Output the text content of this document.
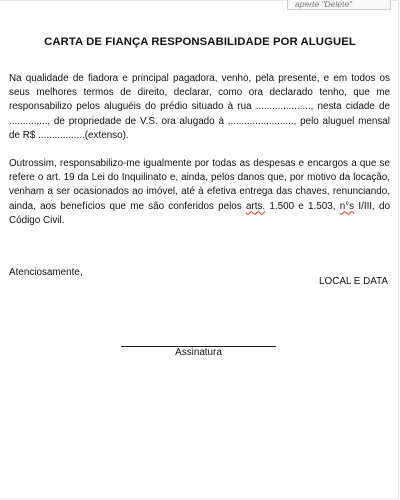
aperte "Delete"
CARTA DE FIANÇA RESPONSABILIDADE POR ALUGUEL

Na qualidade de fiadora e principal pagadora, venho, pela presente, e em todos os seus melhores termos de direito, declarar, como ora declarado tenho, que me responsabilizo pelos aluguéis do prédio situado à rua ...................., nesta cidade de .............., de propriedade de V.S. ora alugado à ........................, pelo aluguel mensal de R$ .................(extenso).

Outrossim, responsabilizo-me igualmente por todas as despesas e encargos a que se refere o art. 19 da Lei do Inquilinato e, ainda, pelos danos que, por motivo da locação, venham a ser ocasionados ao imóvel, até à efetiva entrega das chaves, renunciando, ainda, aos benefícios que me são conferidos pelos arts. 1.500 e 1.503, n°s I/III, do Código Civil.

Atenciosamente,
LOCAL E DATA
Assinatura
